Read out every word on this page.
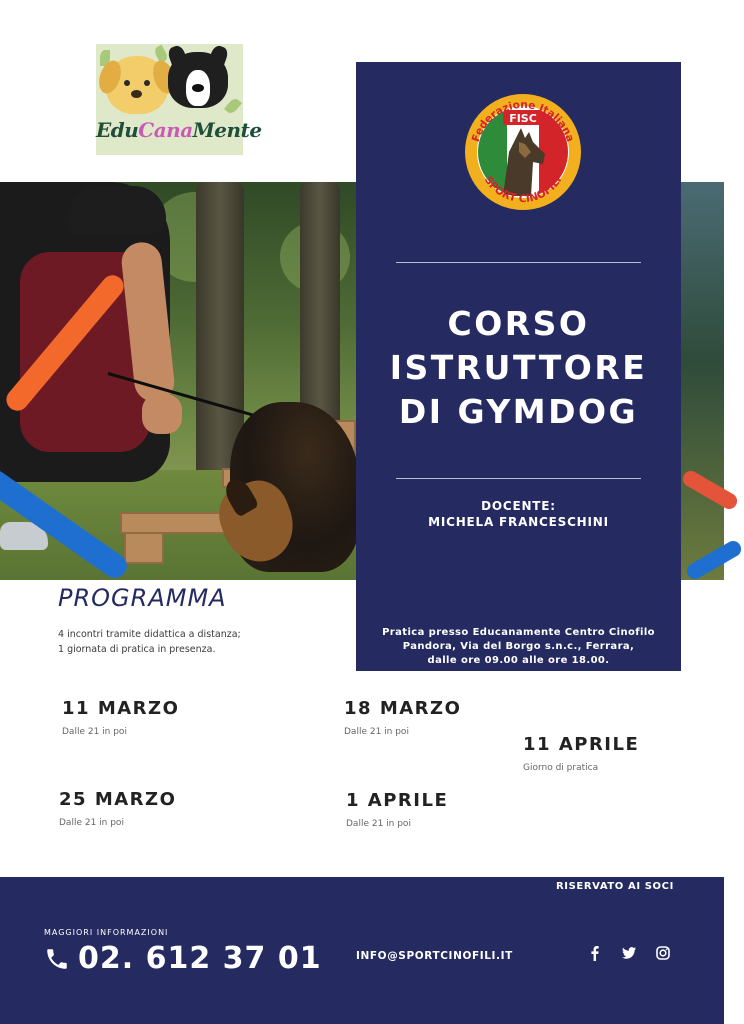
EduCanaMente	FISC
Federazione Italiana
SPORT CINOFILI
CORSO
ISTRUTTORE
DI GYMDOG
DOCENTE:
MICHELA FRANCESCHINI
Pratica presso Educanamente Centro Cinofilo
Pandora, Via del Borgo s.n.c., Ferrara,
dalle ore 09.00 alle ore 18.00.
PROGRAMMA
4 incontri tramite didattica a distanza;
1 giornata di pratica in presenza.
11 MARZO
Dalle 21 in poi
18 MARZO
Dalle 21 in poi
11 APRILE
Giorno di pratica
25 MARZO
Dalle 21 in poi
1 APRILE
Dalle 21 in poi
RISERVATO AI SOCI
MAGGIORI INFORMAZIONI
02. 612 37 01	INFO@SPORTCINOFILI.IT
